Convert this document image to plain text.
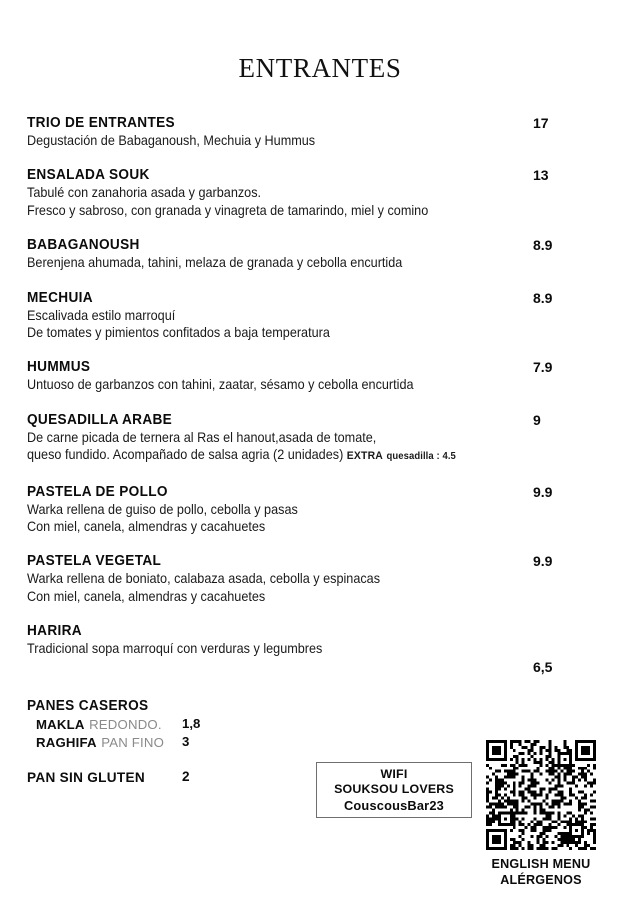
ENTRANTES
TRIO DE ENTRANTES
Degustación de Babaganoush, Mechuia y Hummus
17
ENSALADA SOUK
Tabulé con zanahoria asada y garbanzos.
Fresco y sabroso, con granada y vinagreta de tamarindo, miel y comino
13
BABAGANOUSH
Berenjena ahumada, tahini, melaza de granada y cebolla encurtida
8.9
MECHUIA
Escalivada estilo marroquí
De tomates y pimientos confitados a baja temperatura
8.9
HUMMUS
Untuoso de garbanzos con tahini, zaatar, sésamo y cebolla encurtida
7.9
QUESADILLA ARABE
De carne picada de ternera al Ras el hanout,asada de tomate,
queso fundido. Acompañado de salsa agria (2 unidades) EXTRA quesadilla : 4.5
9
PASTELA DE POLLO
Warka rellena de guiso de pollo, cebolla y pasas
Con miel, canela, almendras y cacahuetes
9.9
PASTELA VEGETAL
Warka rellena de boniato, calabaza asada, cebolla y espinacas
Con miel, canela, almendras y cacahuetes
9.9
HARIRA
Tradicional sopa marroquí con verduras y legumbres
6,5
PANES CASEROS
MAKLA REDONDO. 1,8
RAGHIFA PAN FINO 3
PAN SIN GLUTEN	2	WIFI
SOUKSOU LOVERS
CouscousBar23
ENGLISH MENU
ALÉRGENOS
